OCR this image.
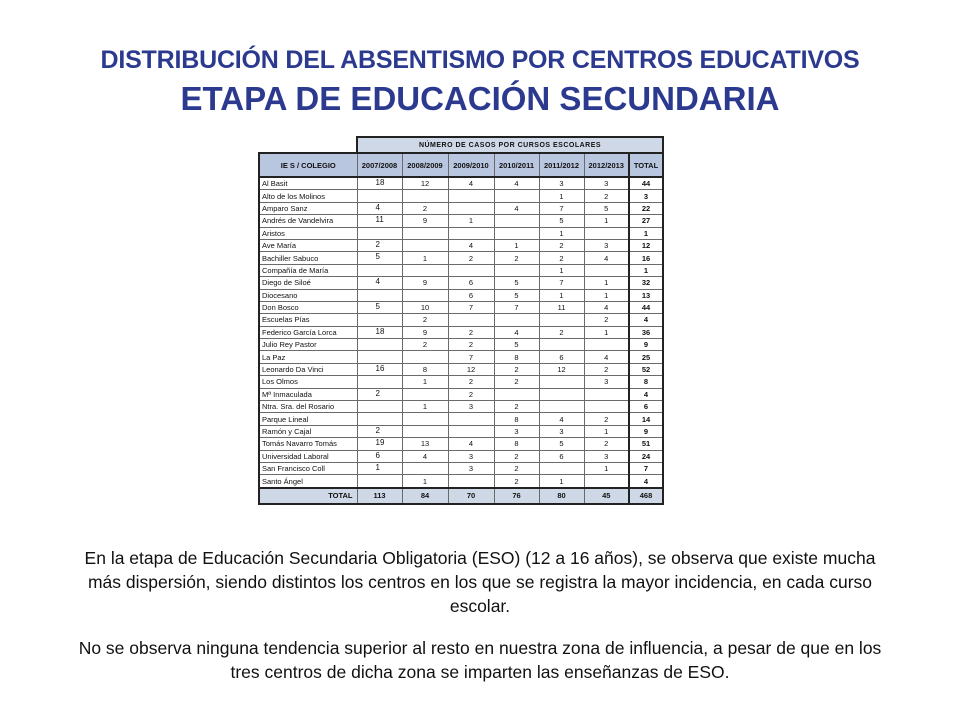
DISTRIBUCIÓN DEL ABSENTISMO POR CENTROS EDUCATIVOS
ETAPA DE EDUCACIÓN SECUNDARIA
	NÚMERO DE CASOS POR CURSOS ESCOLARES						
IE S / COLEGIO	2007/2008	2008/2009	2009/2010	2010/2011	2011/2012	2012/2013	TOTAL
Al Basit	18	12	4	4	3	3	44
Alto de los Molinos					1	2	3
Amparo Sanz	4	2		4	7	5	22
Andrés de Vandelvira	11	9	1		5	1	27
Aristos					1		1
Ave María	2		4	1	2	3	12
Bachiller Sabuco	5	1	2	2	2	4	16
Compañía de María					1		1
Diego de Siloé	4	9	6	5	7	1	32
Diocesano			6	5	1	1	13
Don Bosco	5	10	7	7	11	4	44
Escuelas Pías		2				2	4
Federico García Lorca	18	9	2	4	2	1	36
Julio Rey Pastor		2	2	5			9
La Paz			7	8	6	4	25
Leonardo Da Vinci	16	8	12	2	12	2	52
Los Olmos		1	2	2		3	8
Mª Inmaculada	2		2				4
Ntra. Sra. del Rosario		1	3	2			6
Parque Lineal				8	4	2	14
Ramón y Cajal	2			3	3	1	9
Tomás Navarro Tomás	19	13	4	8	5	2	51
Universidad Laboral	6	4	3	2	6	3	24
San Francisco Coll	1		3	2		1	7
Santo Ángel		1		2	1		4
TOTAL	113	84	70	76	80	45	468
En la etapa de Educación Secundaria Obligatoria (ESO) (12 a 16 años), se observa que existe mucha más dispersión, siendo distintos los centros en los que se registra la mayor incidencia, en cada curso escolar.
No se observa ninguna tendencia superior al resto en nuestra zona de influencia, a pesar de que en los tres centros de dicha zona se imparten las enseñanzas de ESO.
